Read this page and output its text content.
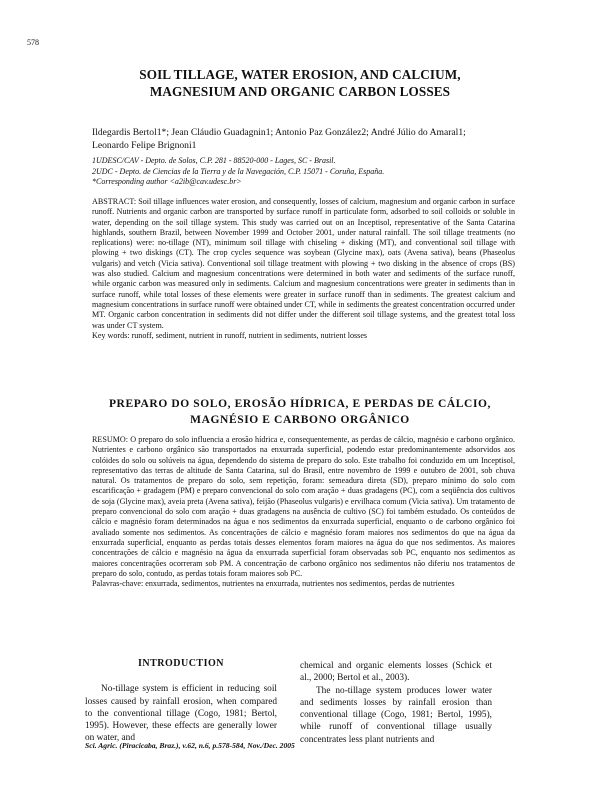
578
SOIL TILLAGE, WATER EROSION, AND CALCIUM,
MAGNESIUM AND ORGANIC CARBON LOSSES
Ildegardis Bertol1*; Jean Cláudio Guadagnin1; Antonio Paz González2; André Júlio do Amaral1;
Leonardo Felipe Brignoni1
1UDESC/CAV - Depto. de Solos, C.P. 281 - 88520-000 - Lages, SC - Brasil.
2UDC - Depto. de Ciencias de la Tierra y de la Navegación, C.P. 15071 - Coruña, España.
*Corresponding author <a2ib@cav.udesc.br>

ABSTRACT: Soil tillage influences water erosion, and consequently, losses of calcium, magnesium and organic carbon in surface runoff. Nutrients and organic carbon are transported by surface runoff in particulate form, adsorbed to soil colloids or soluble in water, depending on the soil tillage system. This study was carried out on an Inceptisol, representative of the Santa Catarina highlands, southern Brazil, between November 1999 and October 2001, under natural rainfall. The soil tillage treatments (no replications) were: no-tillage (NT), minimum soil tillage with chiseling + disking (MT), and conventional soil tillage with plowing + two diskings (CT). The crop cycles sequence was soybean (Glycine max), oats (Avena sativa), beans (Phaseolus vulgaris) and vetch (Vicia sativa). Conventional soil tillage treatment with plowing + two disking in the absence of crops (BS) was also studied. Calcium and magnesium concentrations were determined in both water and sediments of the surface runoff, while organic carbon was measured only in sediments. Calcium and magnesium concentrations were greater in sediments than in surface runoff, while total losses of these elements were greater in surface runoff than in sediments. The greatest calcium and magnesium concentrations in surface runoff were obtained under CT, while in sediments the greatest concentration occurred under MT. Organic carbon concentration in sediments did not differ under the different soil tillage systems, and the greatest total loss was under CT system.

Key words: runoff, sediment, nutrient in runoff, nutrient in sediments, nutrient losses

PREPARO DO SOLO, EROSÃO HÍDRICA, E PERDAS DE CÁLCIO,
MAGNÉSIO E CARBONO ORGÂNICO

RESUMO: O preparo do solo influencia a erosão hídrica e, consequentemente, as perdas de cálcio, magnésio e carbono orgânico. Nutrientes e carbono orgânico são transportados na enxurrada superficial, podendo estar predominantemente adsorvidos aos colóides do solo ou solúveis na água, dependendo do sistema de preparo do solo. Este trabalho foi conduzido em um Inceptisol, representativo das terras de altitude de Santa Catarina, sul do Brasil, entre novembro de 1999 e outubro de 2001, sob chuva natural. Os tratamentos de preparo do solo, sem repetição, foram: semeadura direta (SD), preparo mínimo do solo com escarificação + gradagem (PM) e preparo convencional do solo com aração + duas gradagens (PC), com a seqüência dos cultivos de soja (Glycine max), aveia preta (Avena sativa), feijão (Phaseolus vulgaris) e ervilhaca comum (Vicia sativa). Um tratamento de preparo convencional do solo com aração + duas gradagens na ausência de cultivo (SC) foi também estudado. Os conteúdos de cálcio e magnésio foram determinados na água e nos sedimentos da enxurrada superficial, enquanto o de carbono orgânico foi avaliado somente nos sedimentos. As concentrações de cálcio e magnésio foram maiores nos sedimentos do que na água da enxurrada superficial, enquanto as perdas totais desses elementos foram maiores na água do que nos sedimentos. As maiores concentrações de cálcio e magnésio na água da enxurrada superficial foram observadas sob PC, enquanto nos sedimentos as maiores concentrações ocorreram sob PM. A concentração de carbono orgânico nos sedimentos não diferiu nos tratamentos de preparo do solo, contudo, as perdas totais foram maiores sob PC.

Palavras-chave: enxurrada, sedimentos, nutrientes na enxurrada, nutrientes nos sedimentos, perdas de nutrientes

INTRODUCTION

No-tillage system is efficient in reducing soil losses caused by rainfall erosion, when compared to the conventional tillage (Cogo, 1981; Bertol, 1995). However, these effects are generally lower on water, and

chemical and organic elements losses (Schick et al., 2000; Bertol et al., 2003).

The no-tillage system produces lower water and sediments losses by rainfall erosion than conventional tillage (Cogo, 1981; Bertol, 1995), while runoff of conventional tillage usually concentrates less plant nutrients and

Sci. Agric. (Piracicaba, Braz.), v.62, n.6, p.578-584, Nov./Dec. 2005
